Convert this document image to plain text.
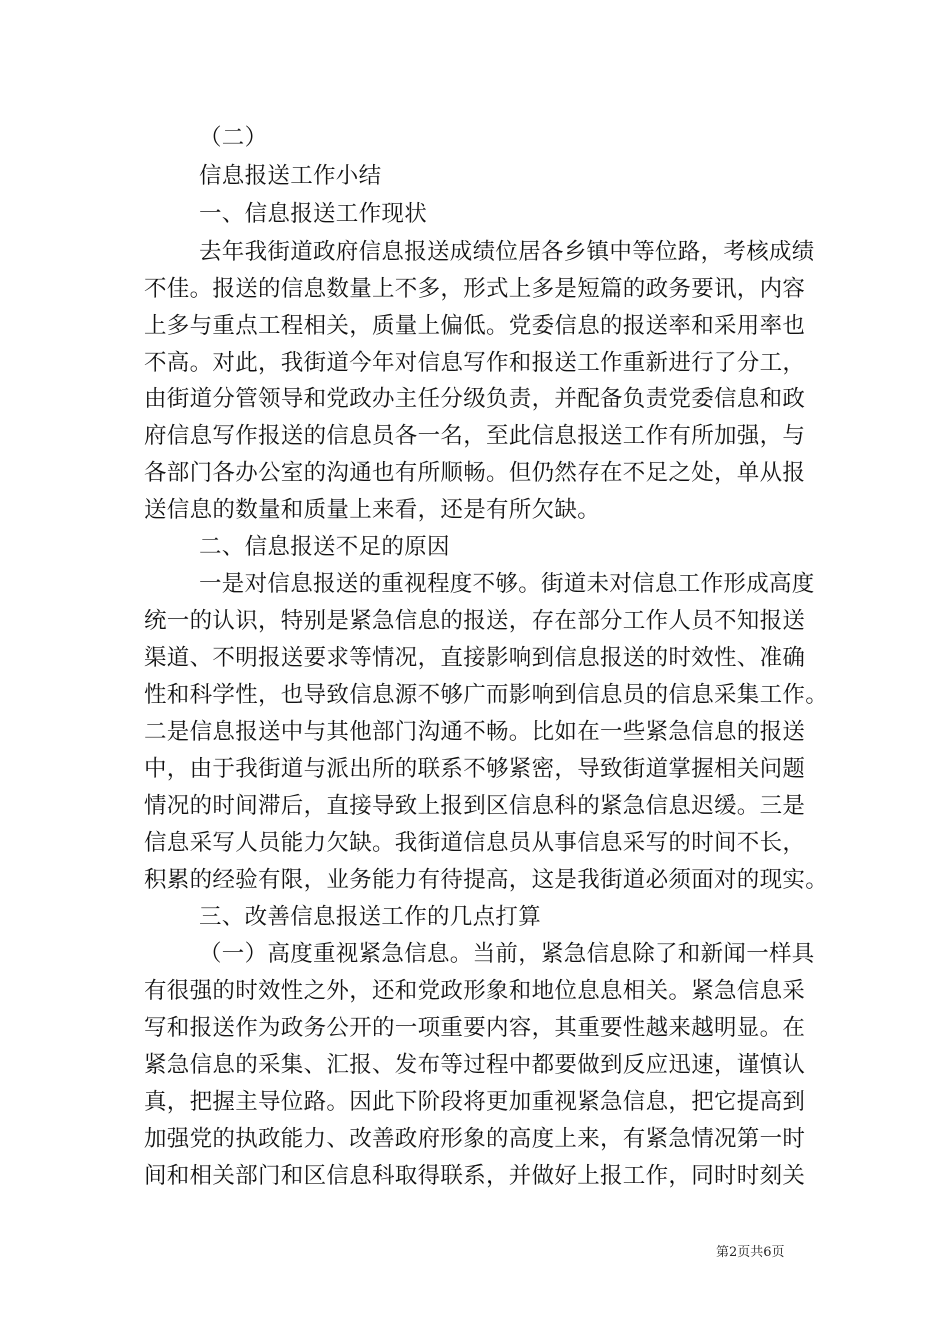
（二）
信息报送工作小结
一、信息报送工作现状
去年我街道政府信息报送成绩位居各乡镇中等位路，考核成绩
不佳。报送的信息数量上不多，形式上多是短篇的政务要讯，内容
上多与重点工程相关，质量上偏低。党委信息的报送率和采用率也
不高。对此，我街道今年对信息写作和报送工作重新进行了分工，
由街道分管领导和党政办主任分级负责，并配备负责党委信息和政
府信息写作报送的信息员各一名，至此信息报送工作有所加强，与
各部门各办公室的沟通也有所顺畅。但仍然存在不足之处，单从报
送信息的数量和质量上来看，还是有所欠缺。
二、信息报送不足的原因
一是对信息报送的重视程度不够。街道未对信息工作形成高度
统一的认识，特别是紧急信息的报送，存在部分工作人员不知报送
渠道、不明报送要求等情况，直接影响到信息报送的时效性、准确
性和科学性，也导致信息源不够广而影响到信息员的信息采集工作。
二是信息报送中与其他部门沟通不畅。比如在一些紧急信息的报送
中，由于我街道与派出所的联系不够紧密，导致街道掌握相关问题
情况的时间滞后，直接导致上报到区信息科的紧急信息迟缓。三是
信息采写人员能力欠缺。我街道信息员从事信息采写的时间不长，
积累的经验有限，业务能力有待提高，这是我街道必须面对的现实。
三、改善信息报送工作的几点打算
（一）高度重视紧急信息。当前，紧急信息除了和新闻一样具
有很强的时效性之外，还和党政形象和地位息息相关。紧急信息采
写和报送作为政务公开的一项重要内容，其重要性越来越明显。在
紧急信息的采集、汇报、发布等过程中都要做到反应迅速，谨慎认
真，把握主导位路。因此下阶段将更加重视紧急信息，把它提高到
加强党的执政能力、改善政府形象的高度上来，有紧急情况第一时
间和相关部门和区信息科取得联系，并做好上报工作，同时时刻关
第2页共6页
